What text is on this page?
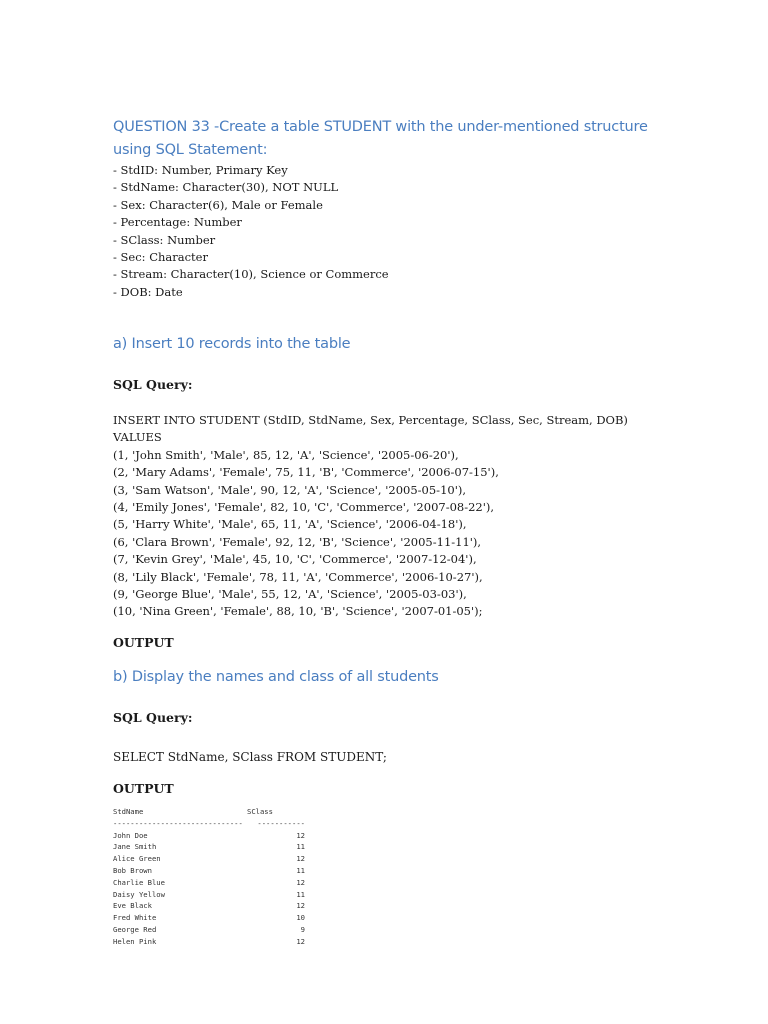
QUESTION 33 -Create a table STUDENT with the under-mentioned structure
using SQL Statement:
- StdID: Number, Primary Key
- StdName: Character(30), NOT NULL
- Sex: Character(6), Male or Female
- Percentage: Number
- SClass: Number
- Sec: Character
- Stream: Character(10), Science or Commerce
- DOB: Date
a) Insert 10 records into the table

SQL Query:

INSERT INTO STUDENT (StdID, StdName, Sex, Percentage, SClass, Sec, Stream, DOB)
VALUES
(1, 'John Smith', 'Male', 85, 12, 'A', 'Science', '2005-06-20'),
(2, 'Mary Adams', 'Female', 75, 11, 'B', 'Commerce', '2006-07-15'),
(3, 'Sam Watson', 'Male', 90, 12, 'A', 'Science', '2005-05-10'),
(4, 'Emily Jones', 'Female', 82, 10, 'C', 'Commerce', '2007-08-22'),
(5, 'Harry White', 'Male', 65, 11, 'A', 'Science', '2006-04-18'),
(6, 'Clara Brown', 'Female', 92, 12, 'B', 'Science', '2005-11-11'),
(7, 'Kevin Grey', 'Male', 45, 10, 'C', 'Commerce', '2007-12-04'),
(8, 'Lily Black', 'Female', 78, 11, 'A', 'Commerce', '2006-10-27'),
(9, 'George Blue', 'Male', 55, 12, 'A', 'Science', '2005-03-03'),
(10, 'Nina Green', 'Female', 88, 10, 'B', 'Science', '2007-01-05');

OUTPUT

b) Display the names and class of all students

SQL Query:

SELECT StdName, SClass FROM STUDENT;

OUTPUT

StdName	SClass
------------------------------ -----------
John Doe	12
Jane Smith	11
Alice Green	12
Bob Brown	11
Charlie Blue	12
Daisy Yellow	11
Eve Black	12
Fred White	10
George Red	9
Helen Pink	12
